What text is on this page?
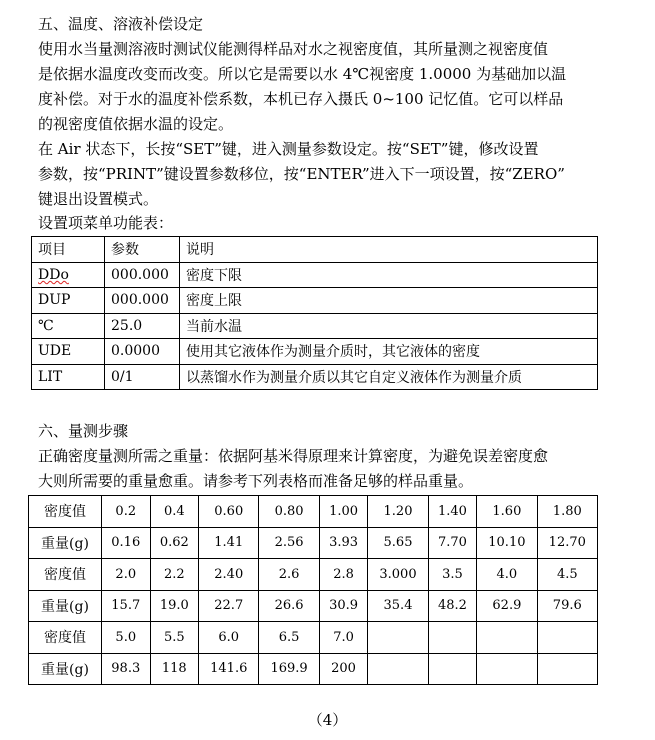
五、温度、溶液补偿设定
使用水当量测溶液时测试仪能测得样品对水之视密度值，其所量测之视密度值
是依据水温度改变而改变。所以它是需要以水 4℃视密度 1.0000 为基础加以温
度补偿。对于水的温度补偿系数，本机已存入摄氏 0~100 记忆值。它可以样品
的视密度值依据水温的设定。
在 Air 状态下，长按“SET”键，进入测量参数设定。按“SET”键，修改设置
参数，按“PRINT”键设置参数移位，按“ENTER”进入下一项设置，按“ZERO”
键退出设置模式。
设置项菜单功能表：
项目	参数	说明
DDo	000.000	密度下限
DUP	000.000	密度上限
℃	25.0	当前水温
UDE	0.0000	使用其它液体作为测量介质时，其它液体的密度
LIT	0/1	以蒸馏水作为测量介质以其它自定义液体作为测量介质
六、量测步骤
正确密度量测所需之重量：依据阿基米得原理来计算密度，为避免误差密度愈
大则所需要的重量愈重。请参考下列表格而准备足够的样品重量。
密度值	0.2	0.4	0.60	0.80	1.00	1.20	1.40	1.60	1.80
重量(g)	0.16	0.62	1.41	2.56	3.93	5.65	7.70	10.10	12.70
密度值	2.0	2.2	2.40	2.6	2.8	3.000	3.5	4.0	4.5
重量(g)	15.7	19.0	22.7	26.6	30.9	35.4	48.2	62.9	79.6
密度值	5.0	5.5	6.0	6.5	7.0				
重量(g)	98.3	118	141.6	169.9	200				
（4）
